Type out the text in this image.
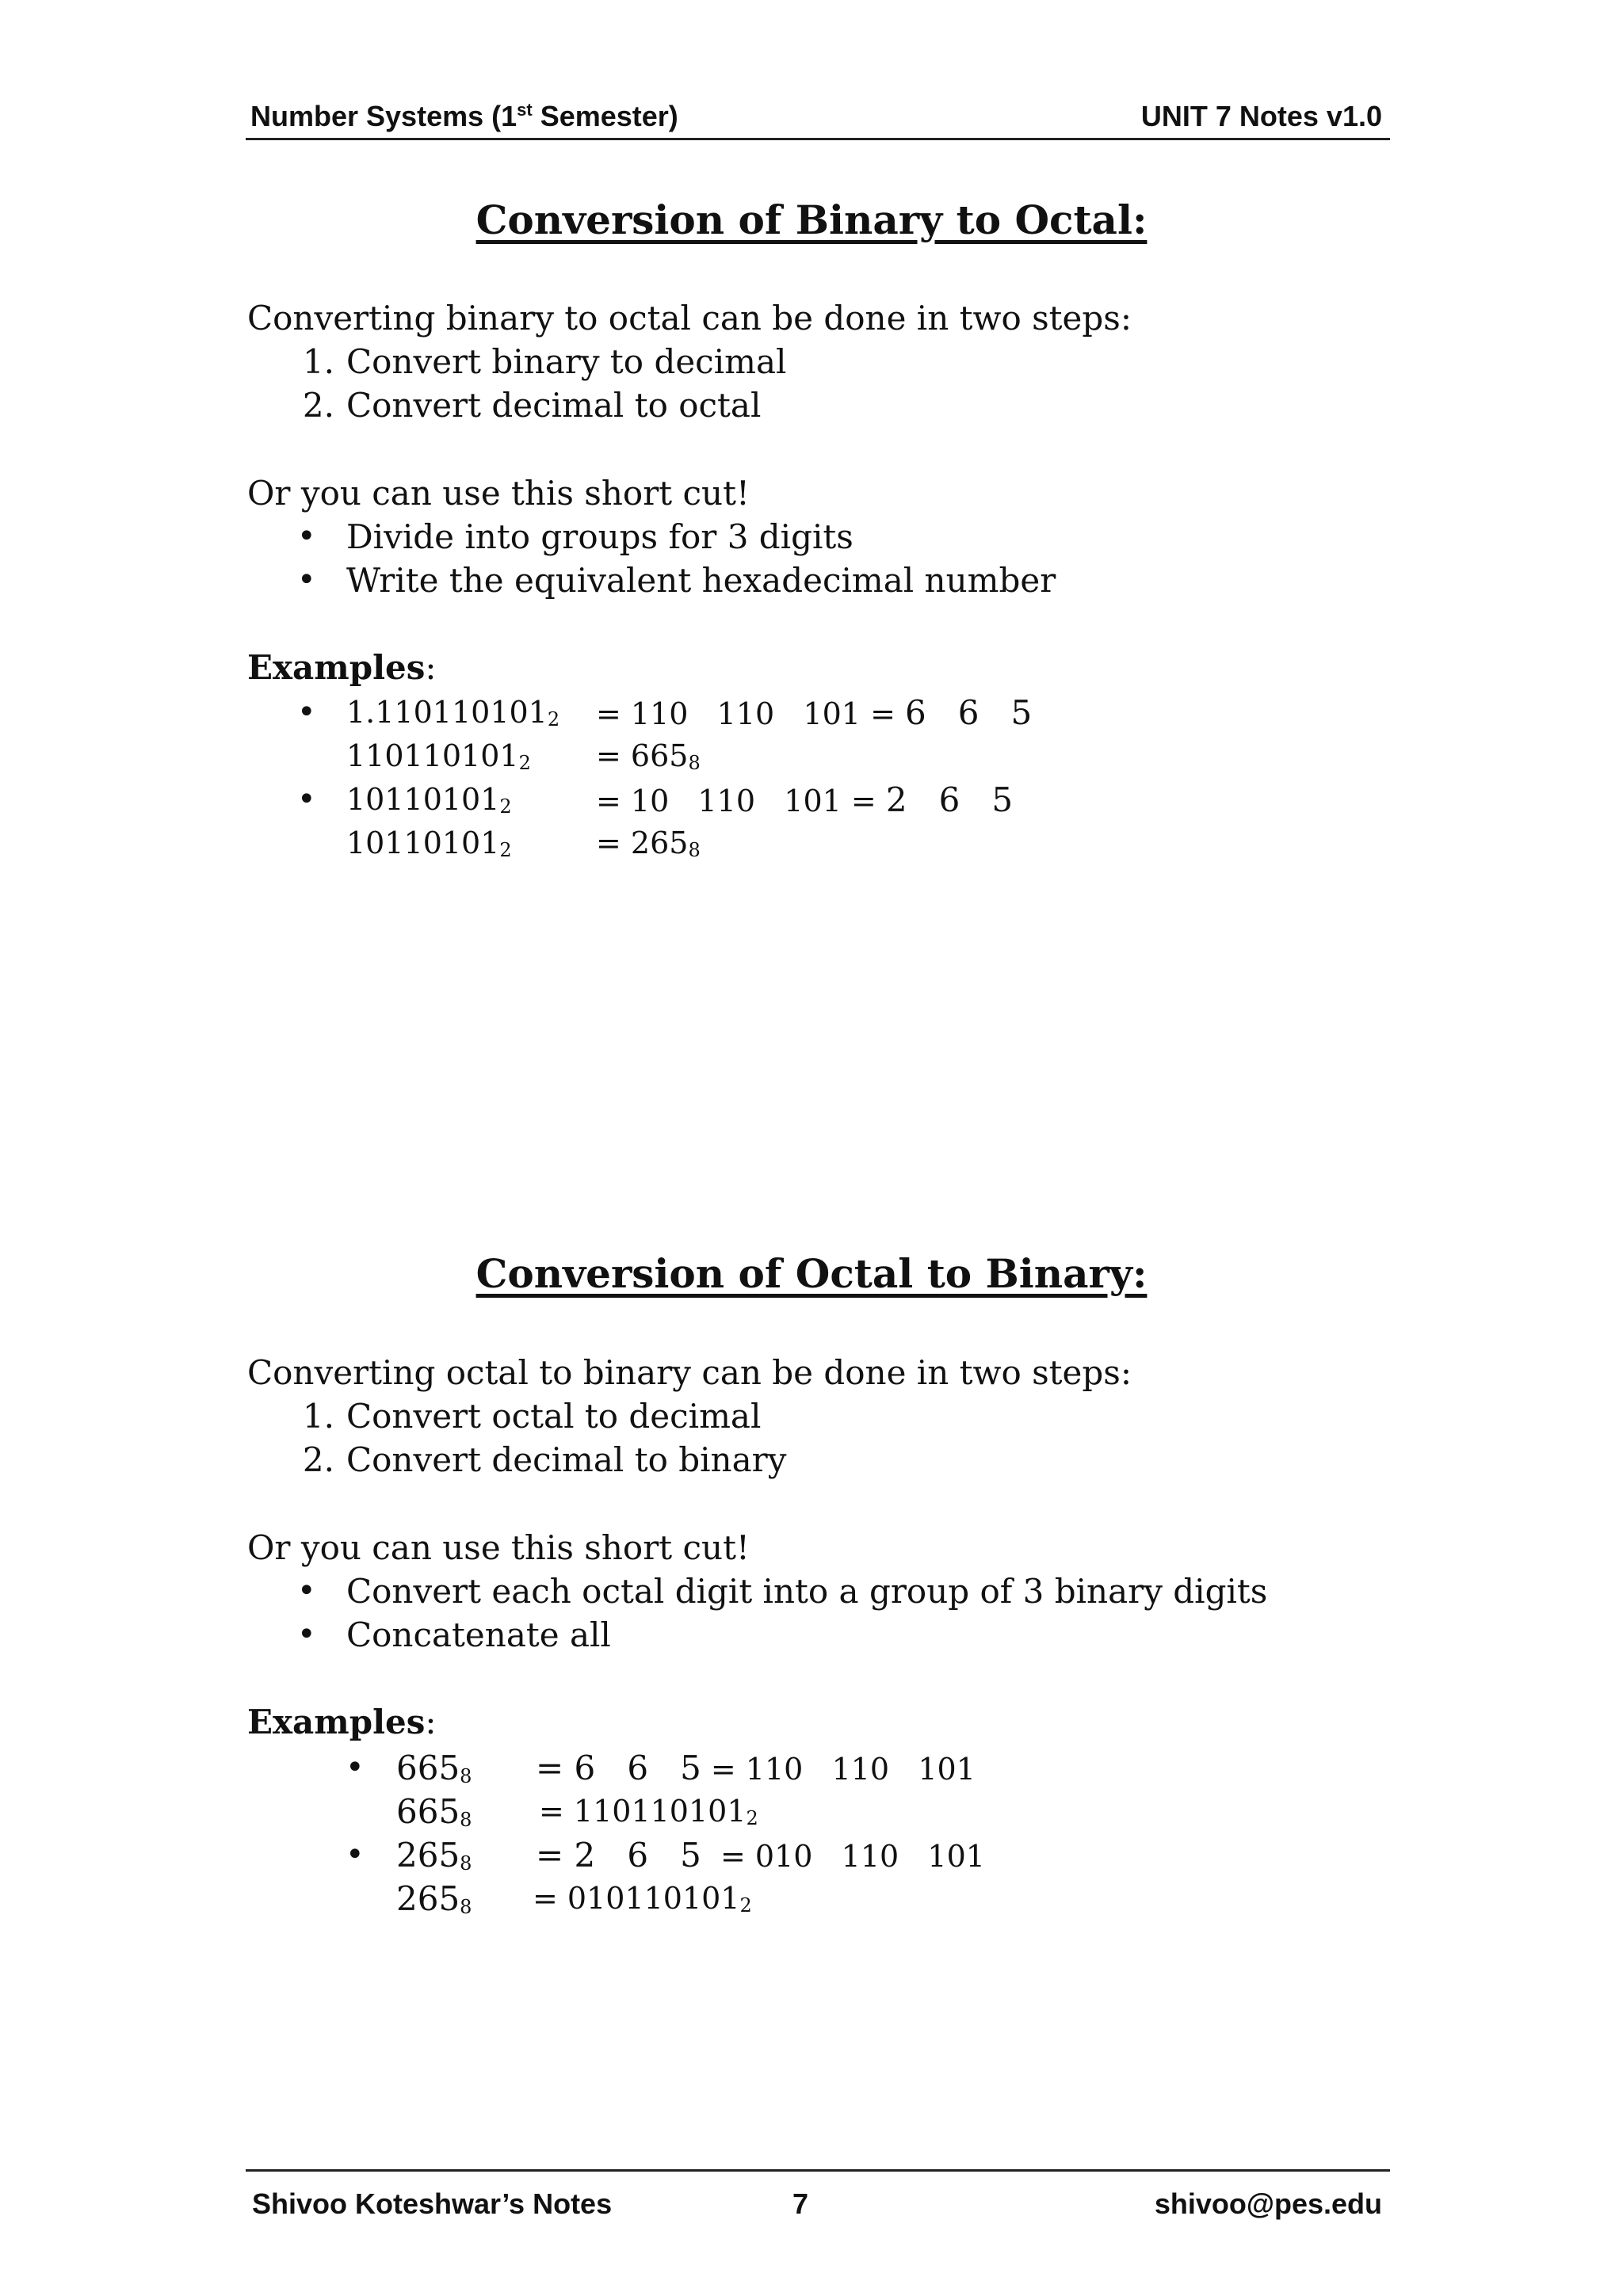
Number Systems (1st Semester)	UNIT 7 Notes v1.0
Conversion of Binary to Octal:
Converting binary to octal can be done in two steps:
1. Convert binary to decimal
2. Convert decimal to octal
Or you can use this short cut!
• Divide into groups for 3 digits
• Write the equivalent hexadecimal number
Examples:
• $1.110110101_2 = 110$   110   101 = 6   6   5
$110110101_2 = 665_8$
• $10110101_2$	= 10   110   101 = 2   6   5
$10110101_2$	= $265_8$
Conversion of Octal to Binary:
Converting octal to binary can be done in two steps:
1. Convert octal to decimal
2. Convert decimal to binary
Or you can use this short cut!
• Convert each octal digit into a group of 3 binary digits
• Concatenate all
Examples:
• $665_8 = 6$   6   5 = 110   110   101
$665_8 = 110110101_2$
• $265_8 = 2$   6   5  = 010   110   101
$265_8 = 010110101_2$
Shivoo Koteshwar’s Notes	7	shivoo@pes.edu
